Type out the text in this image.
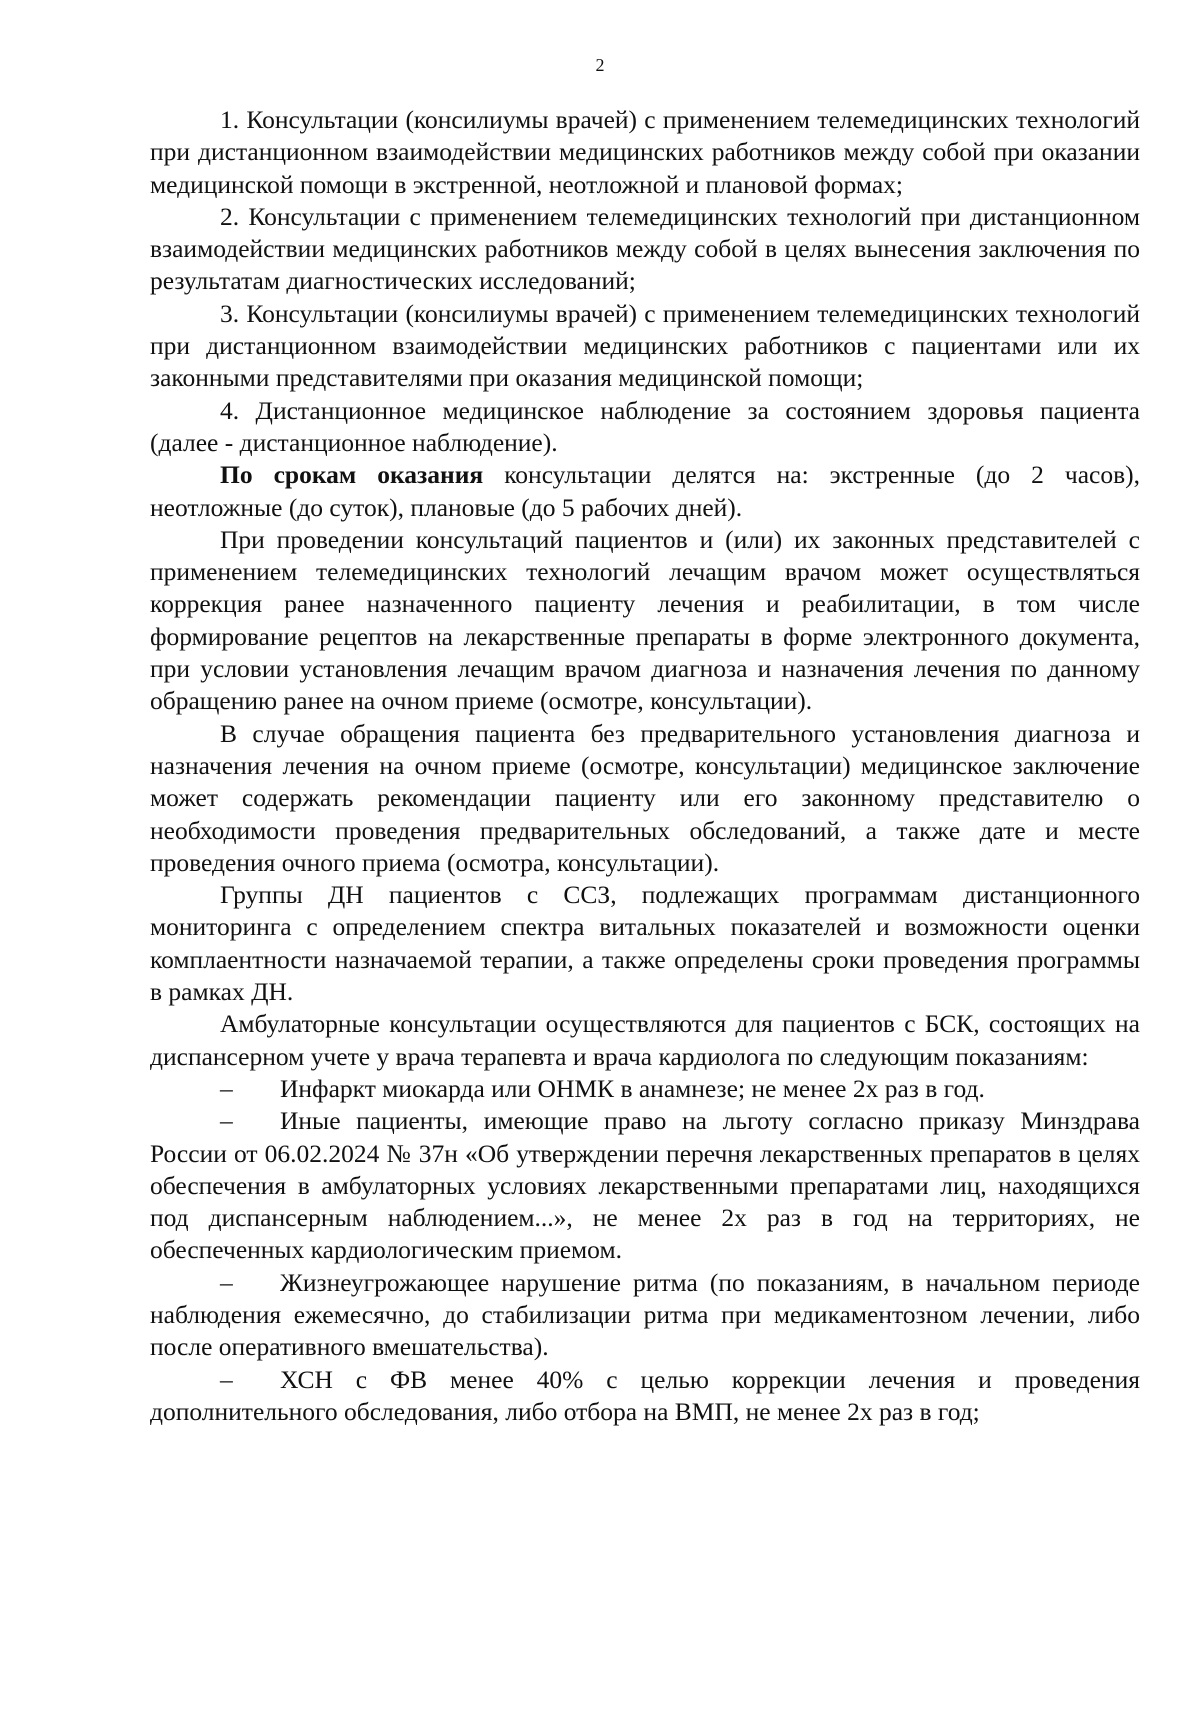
2

1. Консультации (консилиумы врачей) с применением телемедицинских технологий при дистанционном взаимодействии медицинских работников между собой при оказании медицинской помощи в экстренной, неотложной и плановой формах;

2. Консультации с применением телемедицинских технологий при дистанционном взаимодействии медицинских работников между собой в целях вынесения заключения по результатам диагностических исследований;

3. Консультации (консилиумы врачей) с применением телемедицинских технологий при дистанционном взаимодействии медицинских работников с пациентами или их законными представителями при оказания медицинской помощи;

4. Дистанционное медицинское наблюдение за состоянием здоровья пациента (далее - дистанционное наблюдение).

По срокам оказания консультации делятся на: экстренные (до 2 часов), неотложные (до суток), плановые (до 5 рабочих дней).

При проведении консультаций пациентов и (или) их законных представителей с применением телемедицинских технологий лечащим врачом может осуществляться коррекция ранее назначенного пациенту лечения и реабилитации, в том числе формирование рецептов на лекарственные препараты в форме электронного документа, при условии установления лечащим врачом диагноза и назначения лечения по данному обращению ранее на очном приеме (осмотре, консультации).

В случае обращения пациента без предварительного установления диагноза и назначения лечения на очном приеме (осмотре, консультации) медицинское заключение может содержать рекомендации пациенту или его законному представителю о необходимости проведения предварительных обследований, а также дате и месте проведения очного приема (осмотра, консультации).

Группы ДН пациентов с ССЗ, подлежащих программам дистанционного мониторинга с определением спектра витальных показателей и возможности оценки комплаентности назначаемой терапии, а также определены сроки проведения программы в рамках ДН.

Амбулаторные консультации осуществляются для пациентов с БСК, состоящих на диспансерном учете у врача терапевта и врача кардиолога по следующим показаниям:

–	Инфаркт миокарда или ОНМК в анамнезе; не менее 2х раз в год.

–	Иные пациенты, имеющие право на льготу согласно приказу Минздрава России от 06.02.2024 № 37н «Об утверждении перечня лекарственных препаратов в целях обеспечения в амбулаторных условиях лекарственными препаратами лиц, находящихся под диспансерным наблюдением...», не менее 2х раз в год на территориях, не обеспеченных кардиологическим приемом.

–	Жизнеугрожающее нарушение ритма (по показаниям, в начальном периоде наблюдения ежемесячно, до стабилизации ритма при медикаментозном лечении, либо после оперативного вмешательства).

–	ХСН с ФВ менее 40% с целью коррекции лечения и проведения дополнительного обследования, либо отбора на ВМП, не менее 2х раз в год;
